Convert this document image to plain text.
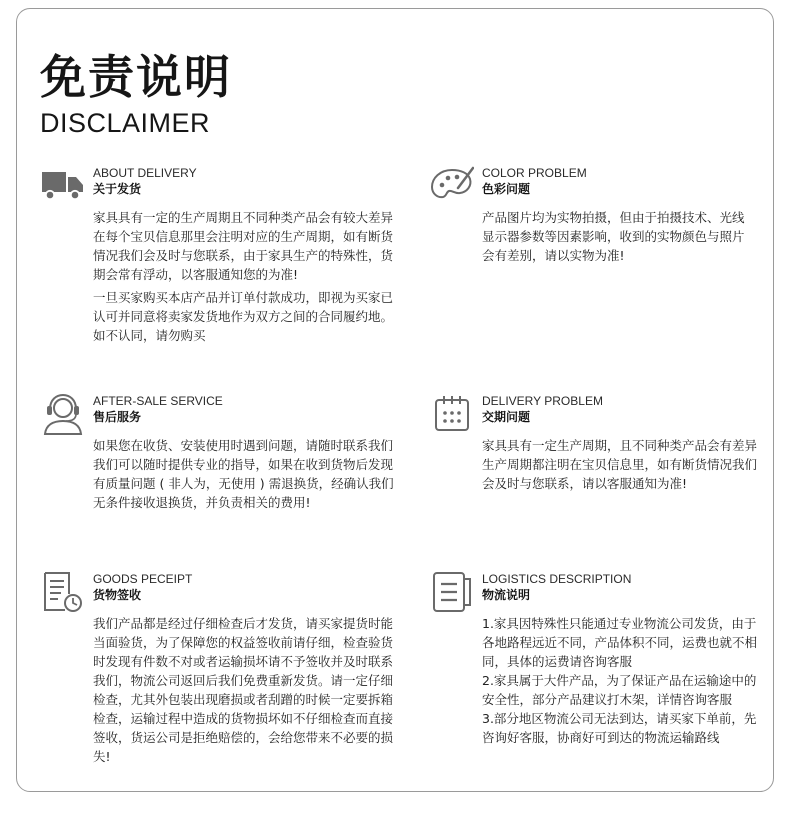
免责说明
DISCLAIMER
ABOUT DELIVERY
关于发货

家具具有一定的生产周期且不同种类产品会有较大差异
在每个宝贝信息那里会注明对应的生产周期，如有断货
情况我们会及时与您联系，由于家具生产的特殊性，货
期会常有浮动，以客服通知您的为准!

一旦买家购买本店产品并订单付款成功，即视为买家已
认可并同意将卖家发货地作为双方之间的合同履约地。
如不认同，请勿购买

COLOR PROBLEM
色彩问题

产品图片均为实物拍摄，但由于拍摄技术、光线
显示器参数等因素影响，收到的实物颜色与照片
会有差别，请以实物为准!

AFTER-SALE SERVICE
售后服务

如果您在收货、安装使用时遇到问题，请随时联系我们
我们可以随时提供专业的指导，如果在收到货物后发现
有质量问题 ( 非人为，无使用 ) 需退换货，经确认我们
无条件接收退换货，并负责相关的费用!

DELIVERY PROBLEM
交期问题

家具具有一定生产周期，且不同种类产品会有差异
生产周期都注明在宝贝信息里，如有断货情况我们
会及时与您联系，请以客服通知为准!

GOODS PECEIPT
货物签收

我们产品都是经过仔细检查后才发货，请买家提货时能
当面验货，为了保障您的权益签收前请仔细，检查验货
时发现有件数不对或者运输损坏请不予签收并及时联系
我们，物流公司返回后我们免费重新发货。请一定仔细
检查，尤其外包装出现磨损或者刮蹭的时候一定要拆箱
检查，运输过程中造成的货物损坏如不仔细检查而直接
签收，货运公司是拒绝赔偿的，会给您带来不必要的损
失!

LOGISTICS DESCRIPTION
物流说明

1.家具因特殊性只能通过专业物流公司发货，由于
各地路程远近不同，产品体积不同，运费也就不相
同，具体的运费请咨询客服
2.家具属于大件产品，为了保证产品在运输途中的
安全性，部分产品建议打木架，详情咨询客服
3.部分地区物流公司无法到达，请买家下单前，先
咨询好客服，协商好可到达的物流运输路线
